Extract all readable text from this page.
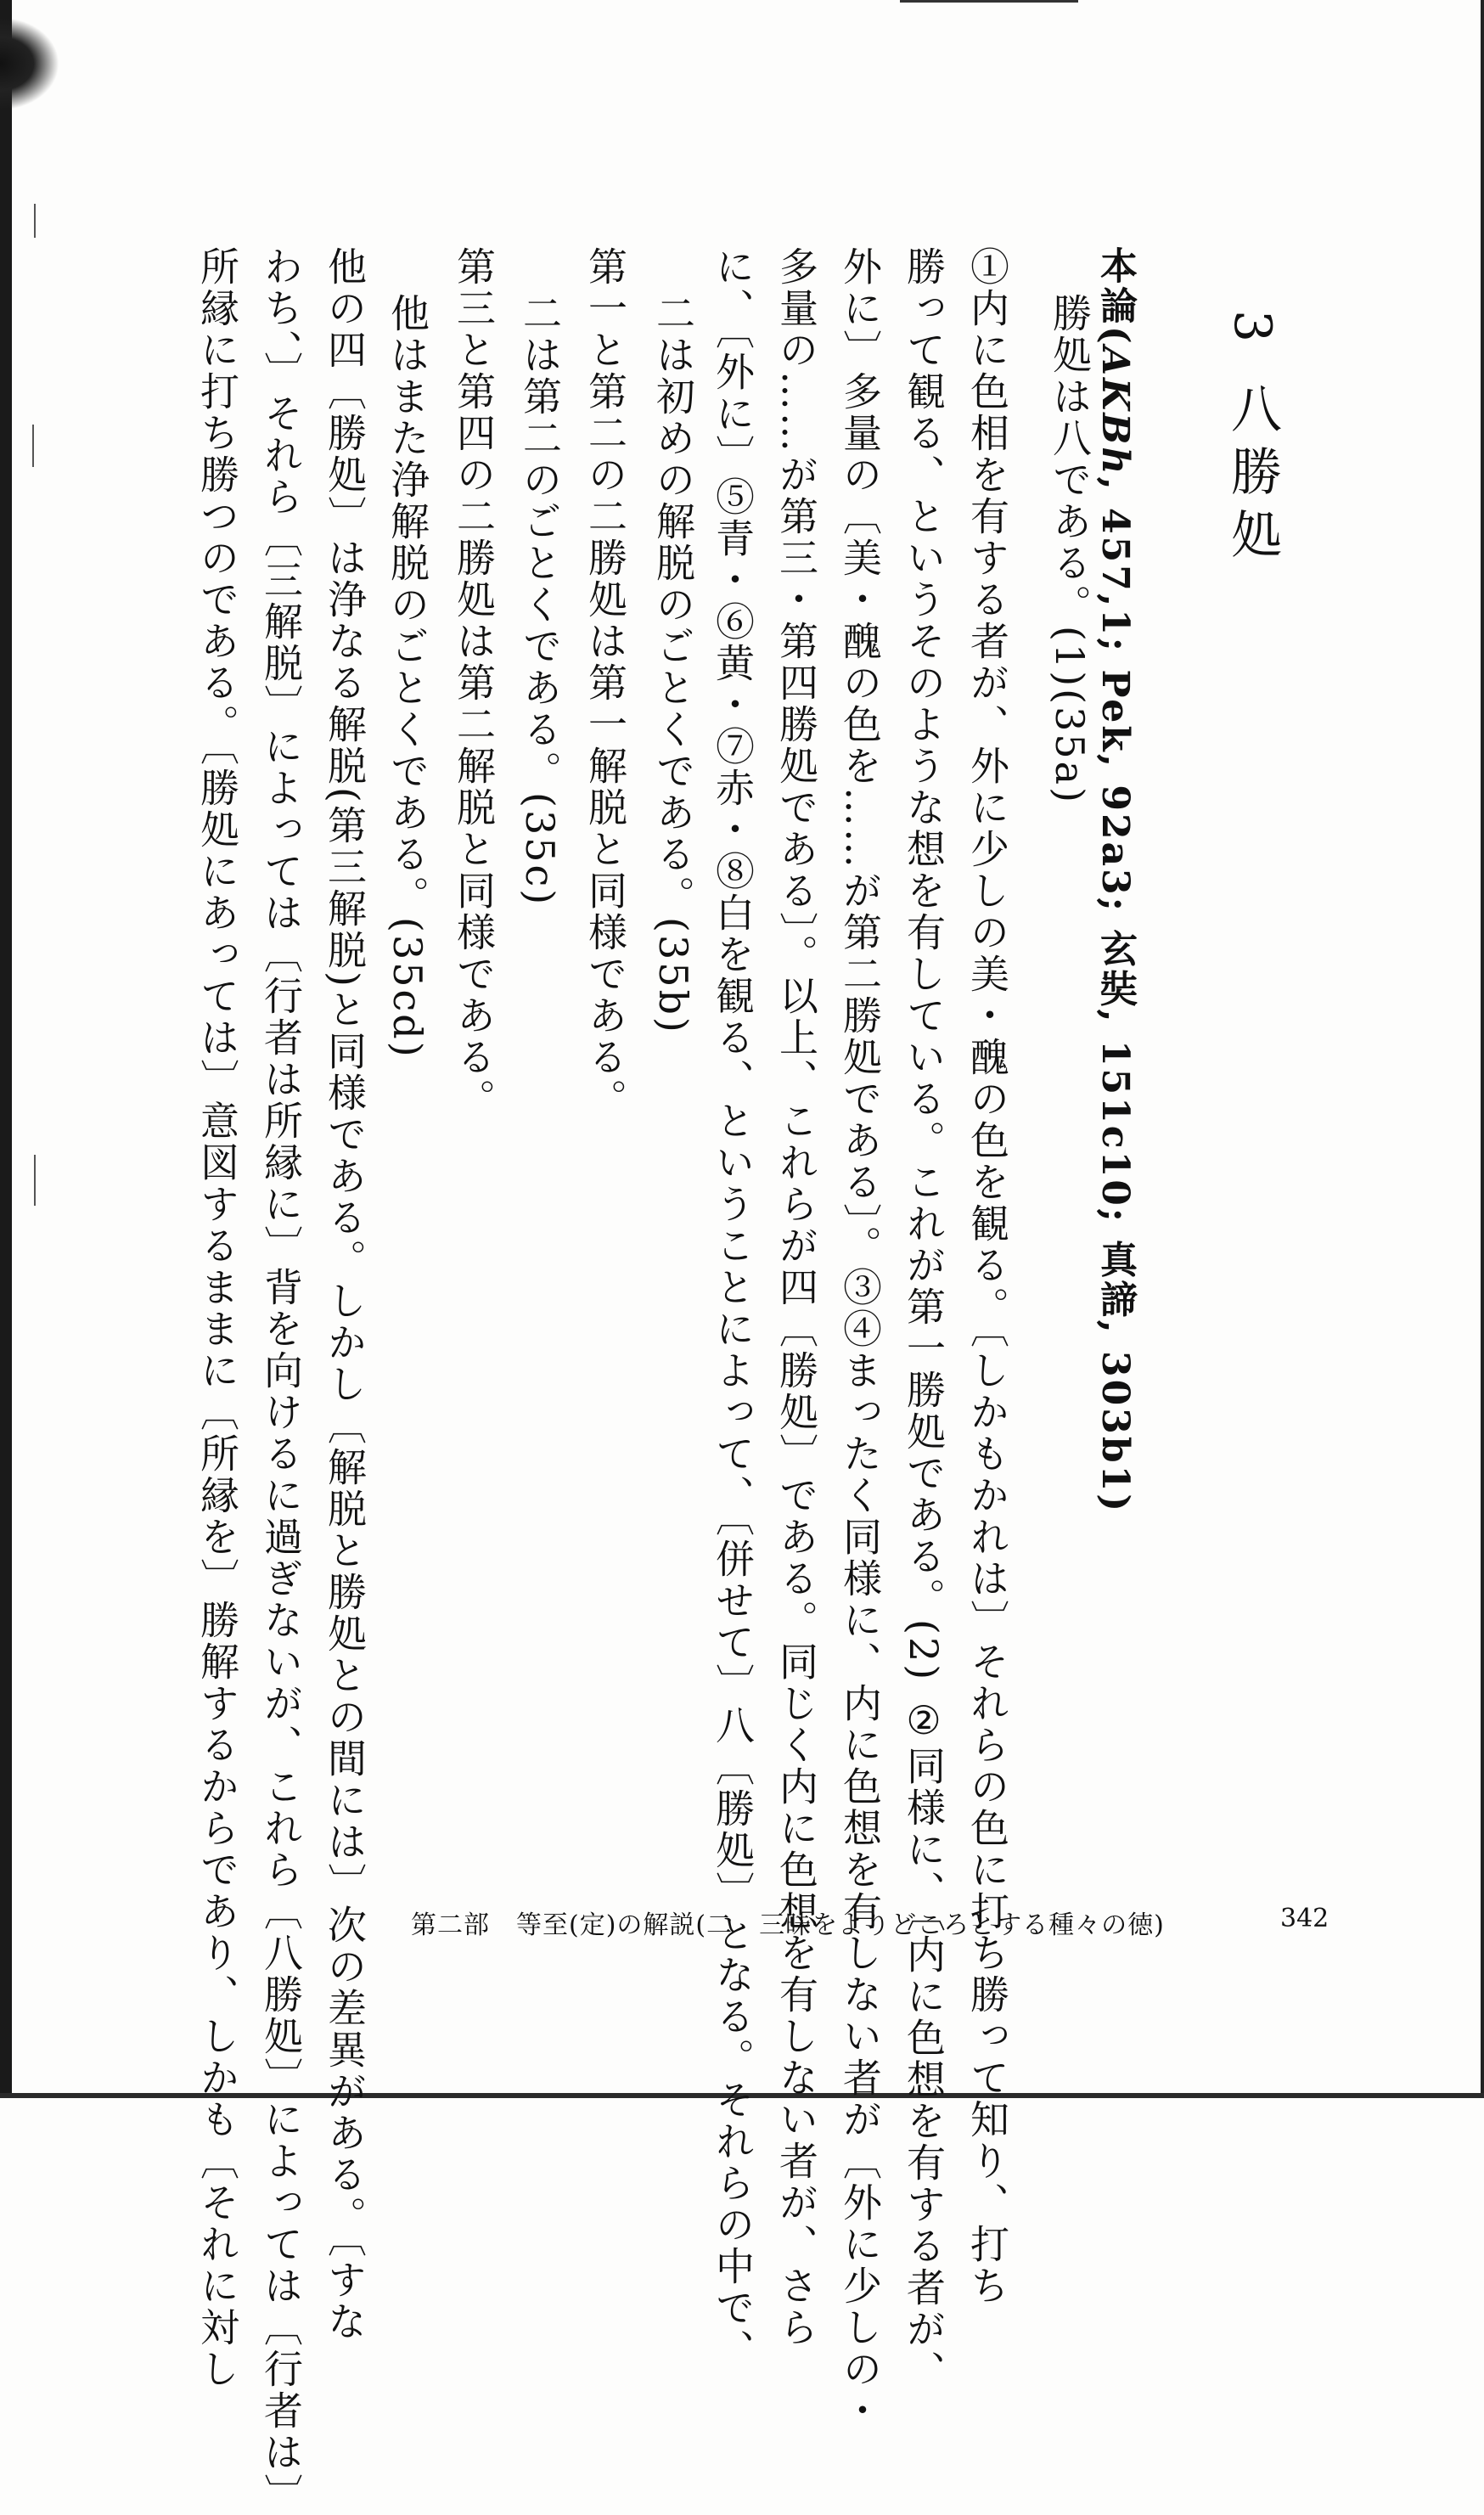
3 八勝処
本論(AKBh, 457,1; Pek, 92a3; 玄奘, 151c10; 真諦, 303b1)
勝処は八である。(1)(35a)
①内に色相を有する者が、外に少しの美・醜の色を観る。〔しかもかれは〕それらの色に打ち勝って知り、打ち
勝って観る、というそのような想を有している。これが第一勝処である。(2) ②同様に、〔内に色想を有する者が、
外に〕多量の〔美・醜の色を……が第二勝処である〕。③④まったく同様に、内に色想を有しない者が〔外に少しの・
多量の……が第三・第四勝処である〕。以上、これらが四〔勝処〕である。同じく内に色想を有しない者が、さら
に、〔外に〕⑤青・⑥黄・⑦赤・⑧白を観る、ということによって、〔併せて〕八〔勝処〕となる。それらの中で、
二は初めの解脱のごとくである。(35b)
第一と第二の二勝処は第一解脱と同様である。
二は第二のごとくである。(35c)
第三と第四の二勝処は第二解脱と同様である。
他はまた浄解脱のごとくである。(35cd)
他の四〔勝処〕は浄なる解脱(第三解脱)と同様である。しかし〔解脱と勝処との間には〕次の差異がある。〔すな
わち、〕それら〔三解脱〕によっては〔行者は所縁に〕背を向けるに過ぎないが、これら〔八勝処〕によっては〔行者は〕
所縁に打ち勝つのである。〔勝処にあっては〕意図するままに〔所縁を〕勝解するからであり、しかも〔それに対し	第二部　等至(定)の解説(二　三昧をよりどころとする種々の徳)	342
